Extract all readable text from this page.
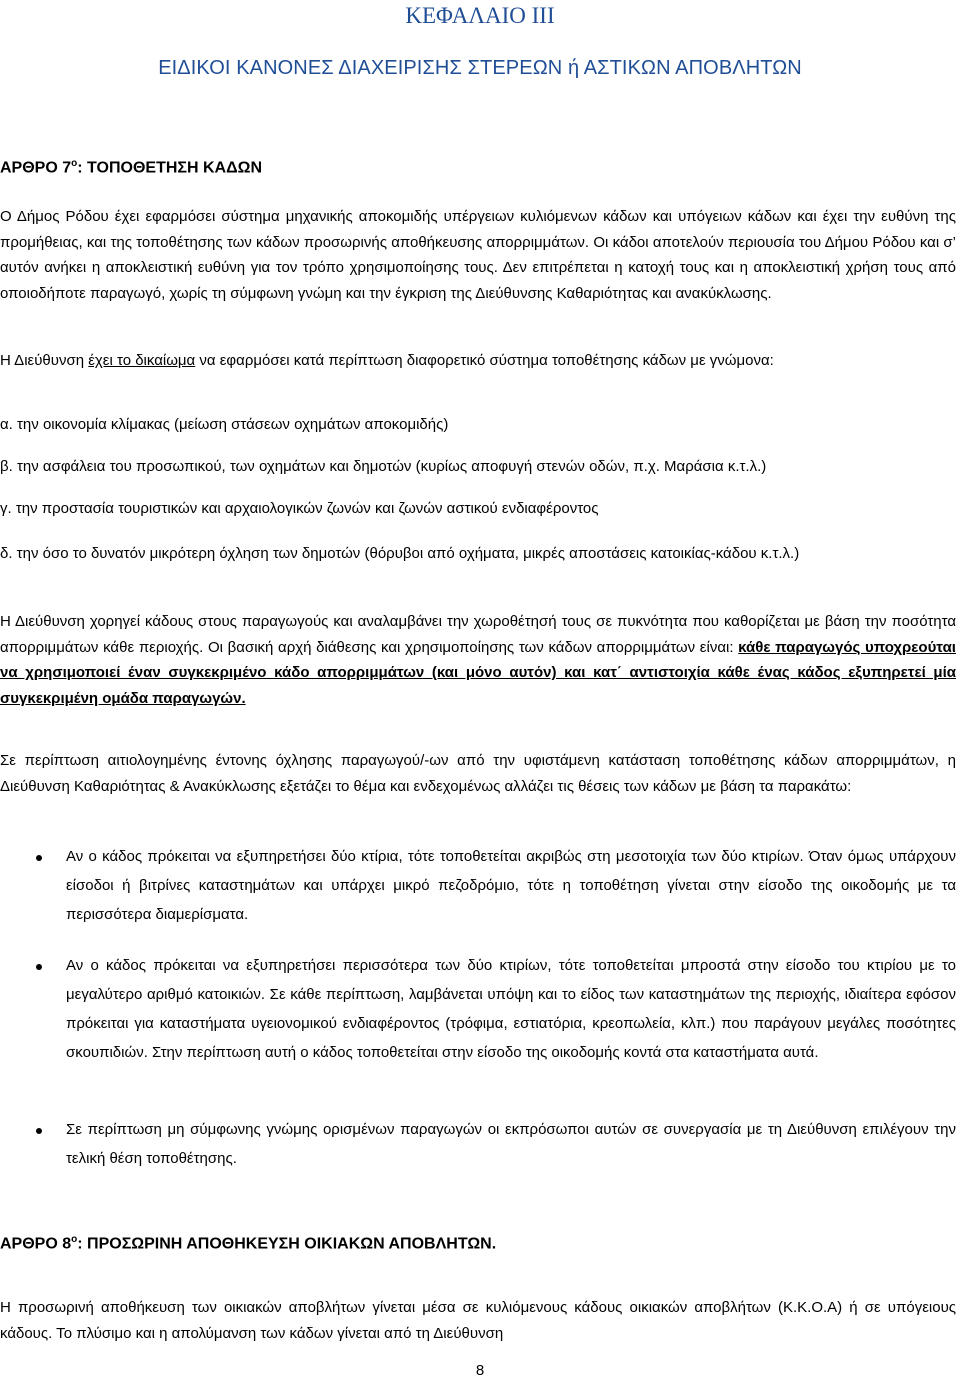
ΚΕΦΑΛΑΙΟ ΙΙΙ
ΕΙΔΙΚΟΙ ΚΑΝΟΝΕΣ ΔΙΑΧΕΙΡΙΣΗΣ ΣΤΕΡΕΩΝ ή ΑΣΤΙΚΩΝ ΑΠΟΒΛΗΤΩΝ
ΑΡΘΡΟ $7^o$: ΤΟΠΟΘΕΤΗΣΗ ΚΑΔΩΝ

Ο Δήμος Ρόδου έχει εφαρμόσει σύστημα μηχανικής αποκομιδής υπέργειων κυλιόμενων κάδων και υπόγειων κάδων και έχει την ευθύνη της προμήθειας, και της τοποθέτησης των κάδων προσωρινής αποθήκευσης απορριμμάτων. Οι κάδοι αποτελούν περιουσία του Δήμου Ρόδου και σ’ αυτόν ανήκει η αποκλειστική ευθύνη για τον τρόπο χρησιμοποίησης τους. Δεν επιτρέπεται η κατοχή τους και η αποκλειστική χρήση τους από οποιοδήποτε παραγωγό, χωρίς τη σύμφωνη γνώμη και την έγκριση της Διεύθυνσης Καθαριότητας και ανακύκλωσης.

Η Διεύθυνση έχει το δικαίωμα να εφαρμόσει κατά περίπτωση διαφορετικό σύστημα τοποθέτησης κάδων με γνώμονα:

α. την οικονομία κλίμακας (μείωση στάσεων οχημάτων αποκομιδής)

β. την ασφάλεια του προσωπικού, των οχημάτων και δημοτών (κυρίως αποφυγή στενών οδών, π.χ. Μαράσια κ.τ.λ.)

γ. την προστασία τουριστικών και αρχαιολογικών ζωνών και ζωνών αστικού ενδιαφέροντος

δ. την όσο το δυνατόν μικρότερη όχληση των δημοτών (θόρυβοι από οχήματα, μικρές αποστάσεις κατοικίας-κάδου κ.τ.λ.)

Η Διεύθυνση χορηγεί κάδους στους παραγωγούς και αναλαμβάνει την χωροθέτησή τους σε πυκνότητα που καθορίζεται με βάση την ποσότητα απορριμμάτων κάθε περιοχής. Οι βασική αρχή διάθεσης και χρησιμοποίησης των κάδων απορριμμάτων είναι: κάθε παραγωγός υποχρεούται να χρησιμοποιεί έναν συγκεκριμένο κάδο απορριμμάτων (και μόνο αυτόν) και κατ΄ αντιστοιχία κάθε ένας κάδος εξυπηρετεί μία συγκεκριμένη ομάδα παραγωγών.

Σε περίπτωση αιτιολογημένης έντονης όχλησης παραγωγού/-ων από την υφιστάμενη κατάσταση τοποθέτησης κάδων απορριμμάτων, η Διεύθυνση Καθαριότητας & Ανακύκλωσης εξετάζει το θέμα και ενδεχομένως αλλάζει τις θέσεις των κάδων με βάση τα παρακάτω:

Αν ο κάδος πρόκειται να εξυπηρετήσει δύο κτίρια, τότε τοποθετείται ακριβώς στη μεσοτοιχία των δύο κτιρίων. Όταν όμως υπάρχουν είσοδοι ή βιτρίνες καταστημάτων και υπάρχει μικρό πεζοδρόμιο, τότε η τοποθέτηση γίνεται στην είσοδο της οικοδομής με τα περισσότερα διαμερίσματα.

Αν ο κάδος πρόκειται να εξυπηρετήσει περισσότερα των δύο κτιρίων, τότε τοποθετείται μπροστά στην είσοδο του κτιρίου με το μεγαλύτερο αριθμό κατοικιών. Σε κάθε περίπτωση, λαμβάνεται υπόψη και το είδος των καταστημάτων της περιοχής, ιδιαίτερα εφόσον πρόκειται για καταστήματα υγειονομικού ενδιαφέροντος (τρόφιμα, εστιατόρια, κρεοπωλεία, κλπ.) που παράγουν μεγάλες ποσότητες σκουπιδιών. Στην περίπτωση αυτή ο κάδος τοποθετείται στην είσοδο της οικοδομής κοντά στα καταστήματα αυτά.

Σε περίπτωση μη σύμφωνης γνώμης ορισμένων παραγωγών οι εκπρόσωποι αυτών σε συνεργασία με τη Διεύθυνση επιλέγουν την τελική θέση τοποθέτησης.

ΑΡΘΡΟ $8^o$: ΠΡΟΣΩΡΙΝΗ ΑΠΟΘΗΚΕΥΣΗ ΟΙΚΙΑΚΩΝ ΑΠΟΒΛΗΤΩΝ.

Η προσωρινή αποθήκευση των οικιακών αποβλήτων γίνεται μέσα σε κυλιόμενους κάδους οικιακών αποβλήτων (Κ.Κ.Ο.Α) ή σε υπόγειους κάδους. Το πλύσιμο και η απολύμανση των κάδων γίνεται από τη Διεύθυνση

8
